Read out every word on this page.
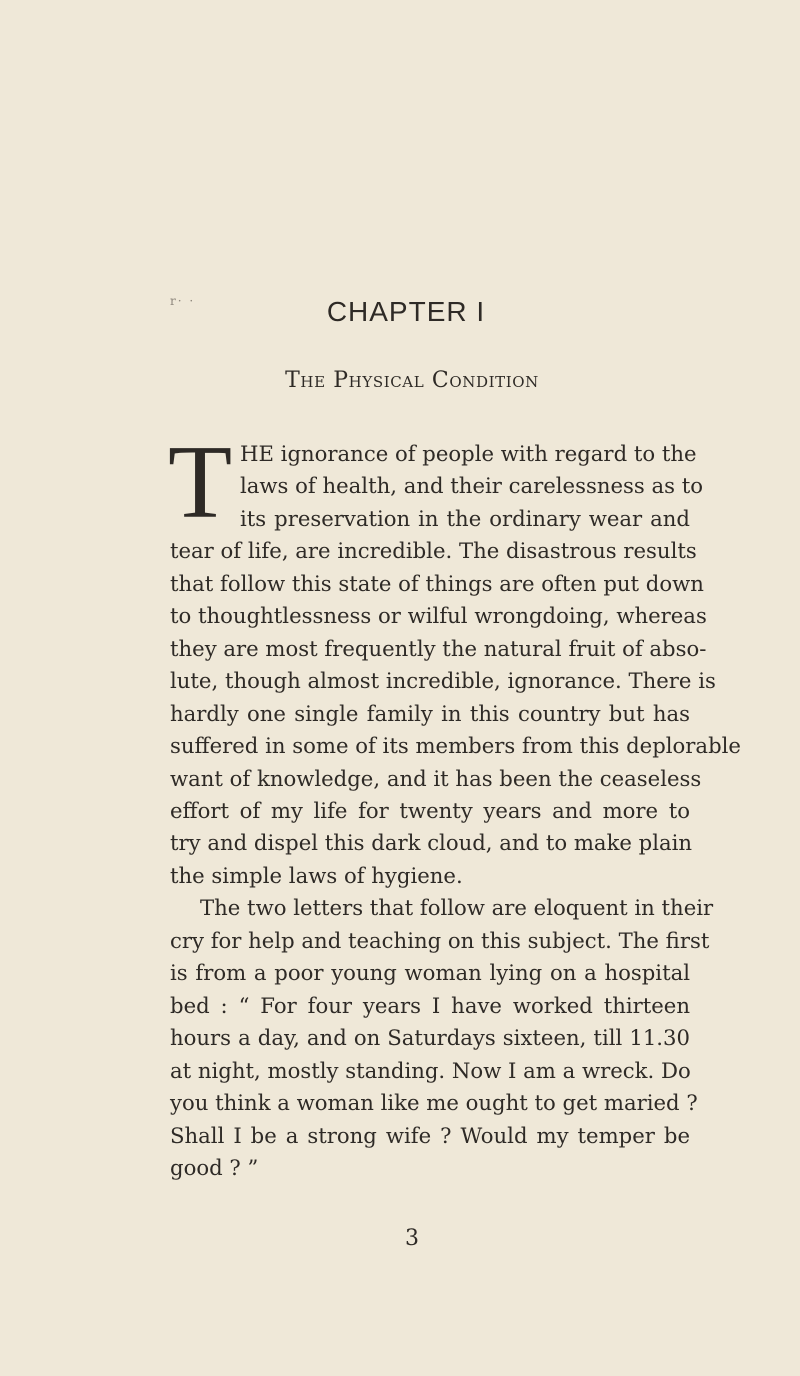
r· ·	CHAPTER I
The Physical Condition
T HE ignorance of people with regard to the
laws of health, and their carelessness as to
its preservation in the ordinary wear and
tear of life, are incredible. The disastrous results
that follow this state of things are often put down
to thoughtlessness or wilful wrongdoing, whereas
they are most frequently the natural fruit of abso-
lute, though almost incredible, ignorance. There is
hardly one single family in this country but has
suffered in some of its members from this deplorable
want of knowledge, and it has been the ceaseless
effort of my life for twenty years and more to
try and dispel this dark cloud, and to make plain
the simple laws of hygiene.
The two letters that follow are eloquent in their
cry for help and teaching on this subject. The first
is from a poor young woman lying on a hospital
bed : “ For four years I have worked thirteen
hours a day, and on Saturdays sixteen, till 11.30
at night, mostly standing. Now I am a wreck. Do
you think a woman like me ought to get maried ?
Shall I be a strong wife ? Would my temper be
good ? ”
3
